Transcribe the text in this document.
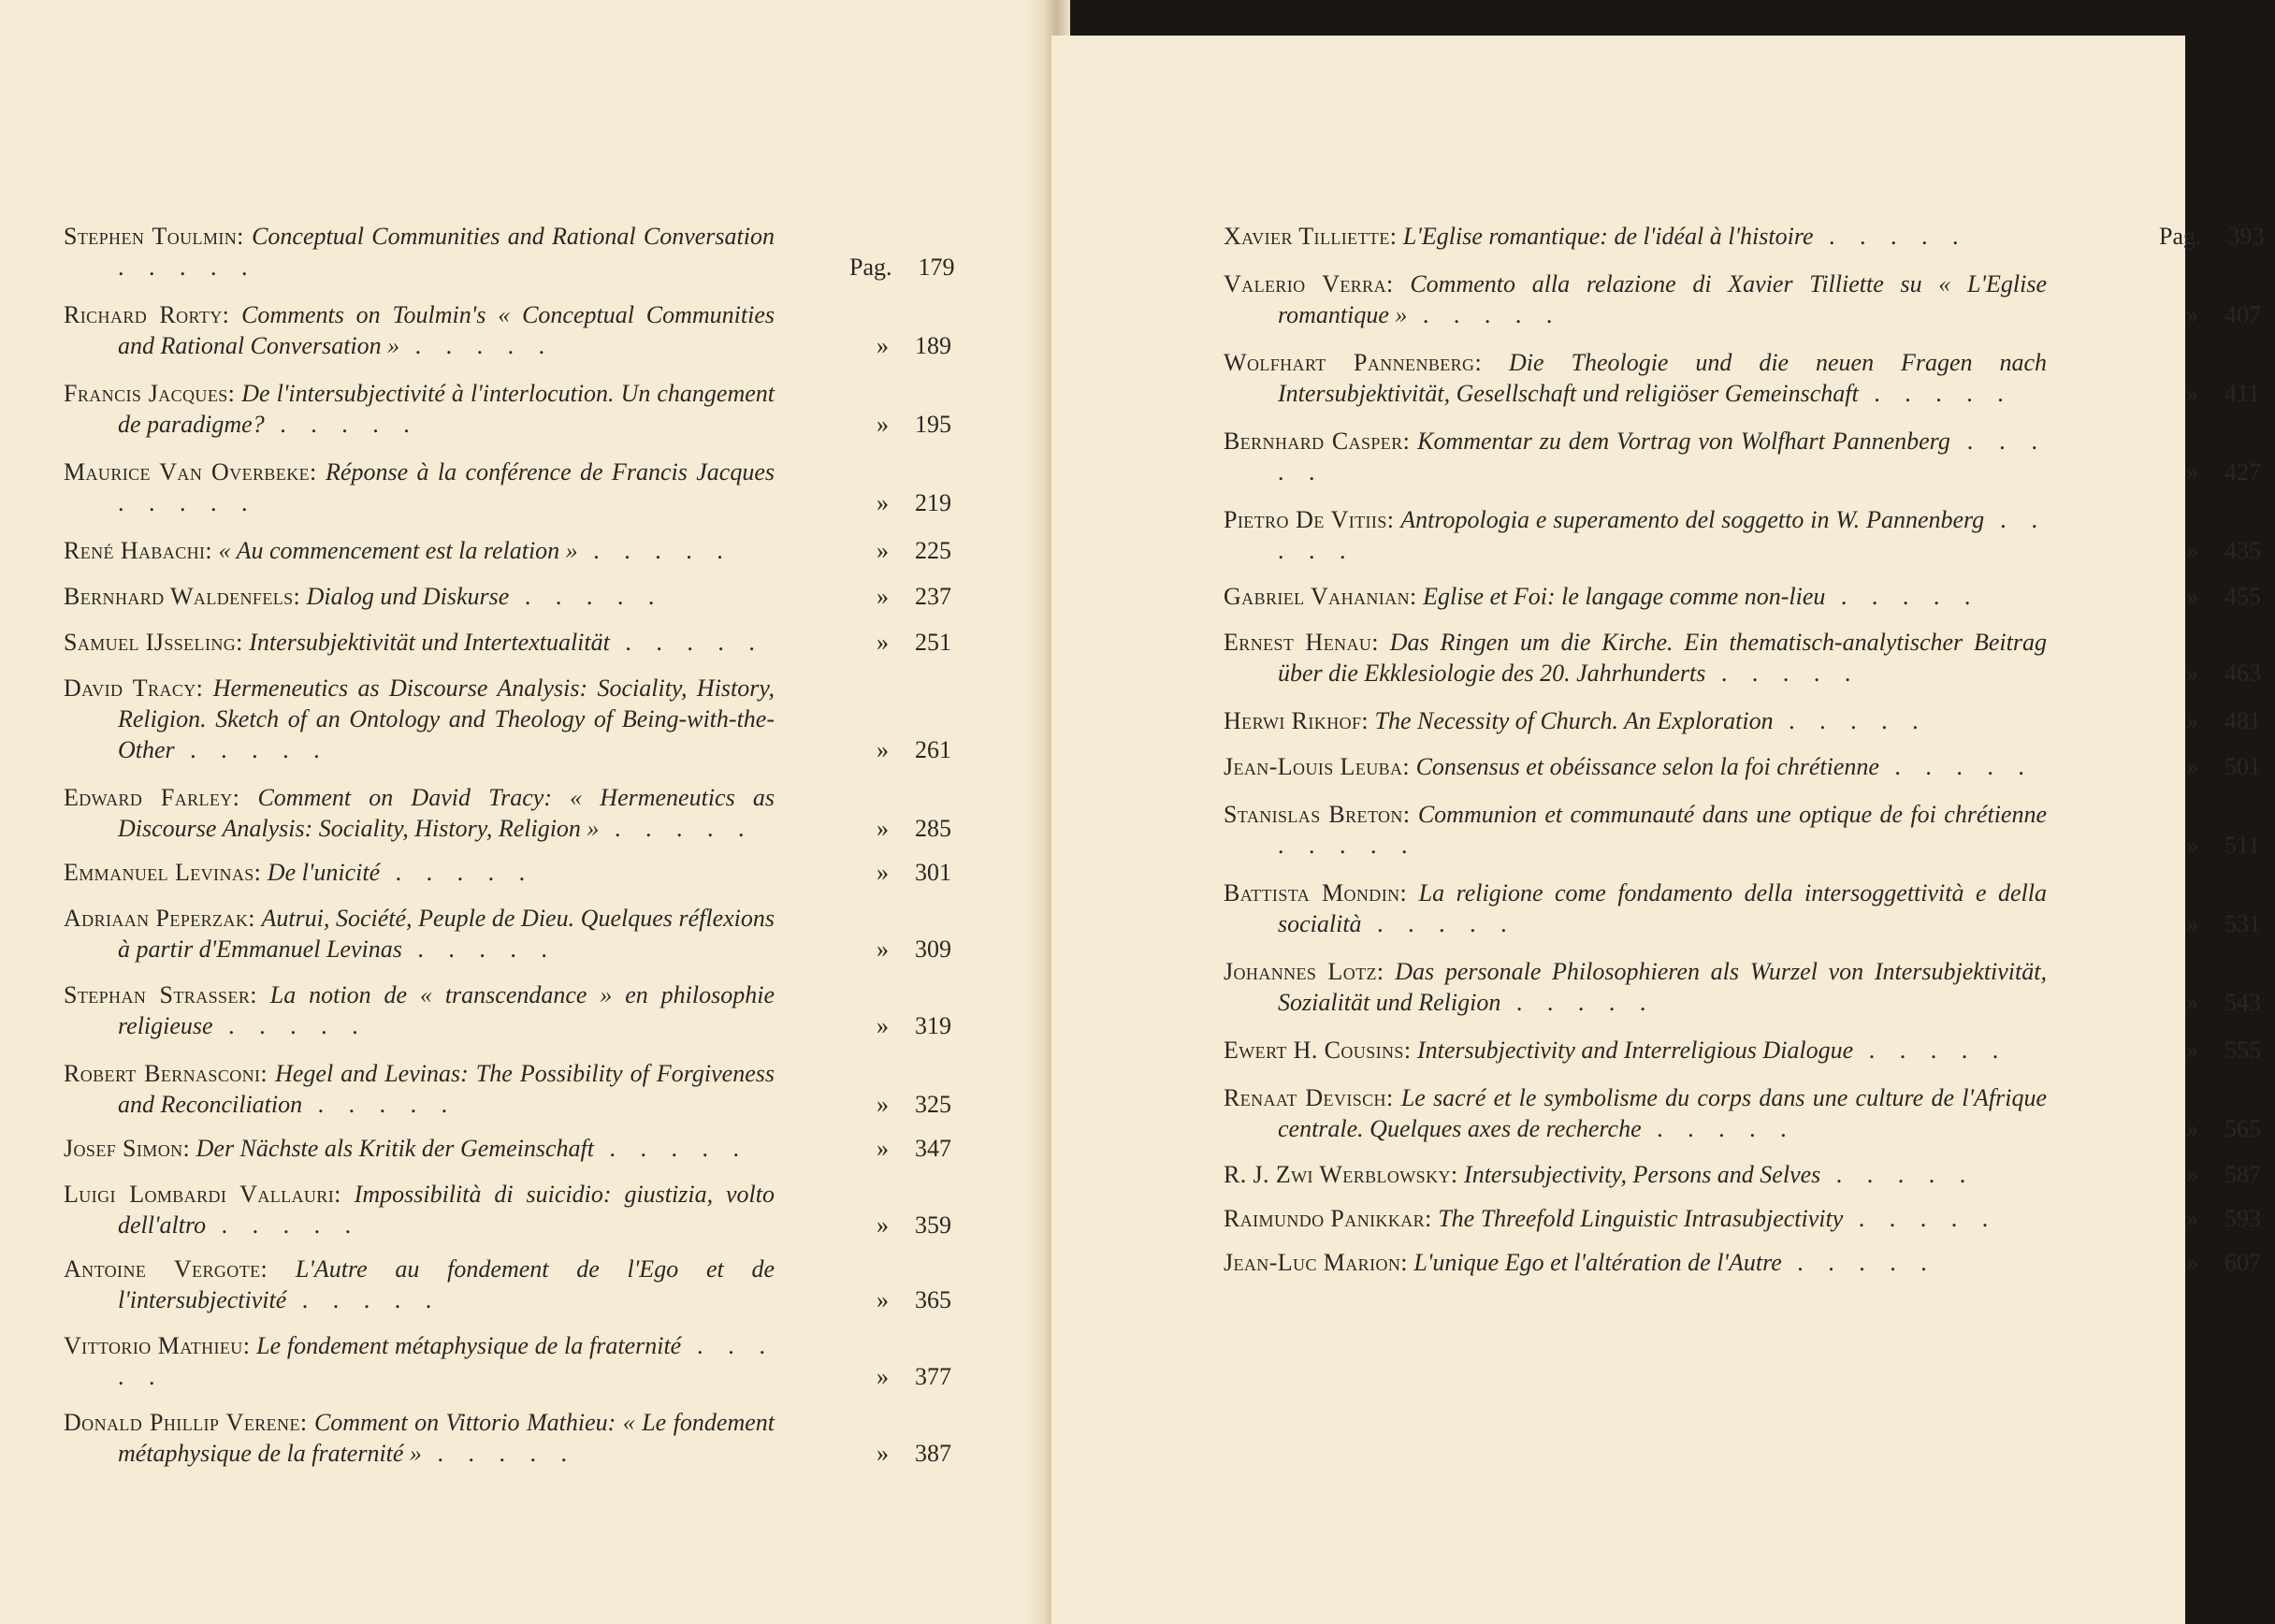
Stephen Toulmin: Conceptual Communities and Rational Conversation . . . . .	Pag. 179
Richard Rorty: Comments on Toulmin's « Conceptual Communities and Rational Conversation » . . . . .	» 189
Francis Jacques: De l'intersubjectivité à l'interlocution. Un changement de paradigme? . . . . .	» 195
Maurice Van Overbeke: Réponse à la conférence de Francis Jacques . . . . .	» 219
René Habachi: « Au commencement est la relation » . . . . .	» 225
Bernhard Waldenfels: Dialog und Diskurse . . . . .	» 237
Samuel IJsseling: Intersubjektivität und Intertextualität . . . . .	» 251
David Tracy: Hermeneutics as Discourse Analysis: Sociality, History, Religion. Sketch of an Ontology and Theology of Being-with-the-Other . . . . .	» 261
Edward Farley: Comment on David Tracy: « Hermeneutics as Discourse Analysis: Sociality, History, Religion » . . . . .	» 285
Emmanuel Levinas: De l'unicité . . . . .	» 301
Adriaan Peperzak: Autrui, Société, Peuple de Dieu. Quelques réflexions à partir d'Emmanuel Levinas . . . . .	» 309
Stephan Strasser: La notion de « transcendance » en philosophie religieuse . . . . .	» 319
Robert Bernasconi: Hegel and Levinas: The Possibility of Forgiveness and Reconciliation . . . . .	» 325
Josef Simon: Der Nächste als Kritik der Gemeinschaft . . . . .	» 347
Luigi Lombardi Vallauri: Impossibilità di suicidio: giustizia, volto dell'altro . . . . .	» 359
Antoine Vergote: L'Autre au fondement de l'Ego et de l'intersubjectivité . . . . .	» 365
Vittorio Mathieu: Le fondement métaphysique de la fraternité . . . . .	» 377
Donald Phillip Verene: Comment on Vittorio Mathieu: « Le fondement métaphysique de la fraternité » . . . . .	» 387
Xavier Tilliette: L'Eglise romantique: de l'idéal à l'histoire . . . . .	Pag. 393
Valerio Verra: Commento alla relazione di Xavier Tilliette su « L'Eglise romantique » . . . . .	» 407
Wolfhart Pannenberg: Die Theologie und die neuen Fragen nach Intersubjektivität, Gesellschaft und religiöser Gemeinschaft . . . . .	» 411
Bernhard Casper: Kommentar zu dem Vortrag von Wolfhart Pannenberg . . . . .	» 427
Pietro De Vitiis: Antropologia e superamento del soggetto in W. Pannenberg . . . . .	» 435
Gabriel Vahanian: Eglise et Foi: le langage comme non-lieu . . . . .	» 455
Ernest Henau: Das Ringen um die Kirche. Ein thematisch-analytischer Beitrag über die Ekklesiologie des 20. Jahrhunderts . . . . .	» 463
Herwi Rikhof: The Necessity of Church. An Exploration . . . . .	» 481
Jean-Louis Leuba: Consensus et obéissance selon la foi chrétienne . . . . .	» 501
Stanislas Breton: Communion et communauté dans une optique de foi chrétienne . . . . .	» 511
Battista Mondin: La religione come fondamento della intersoggettività e della socialità . . . . .	» 531
Johannes Lotz: Das personale Philosophieren als Wurzel von Intersubjektivität, Sozialität und Religion . . . . .	» 543
Ewert H. Cousins: Intersubjectivity and Interreligious Dialogue . . . . .	» 555
Renaat Devisch: Le sacré et le symbolisme du corps dans une culture de l'Afrique centrale. Quelques axes de recherche . . . . .	» 565
R. J. Zwi Werblowsky: Intersubjectivity, Persons and Selves . . . . .	» 587
Raimundo Panikkar: The Threefold Linguistic Intrasubjectivity . . . . .	» 593
Jean-Luc Marion: L'unique Ego et l'altération de l'Autre . . . . .	» 607
